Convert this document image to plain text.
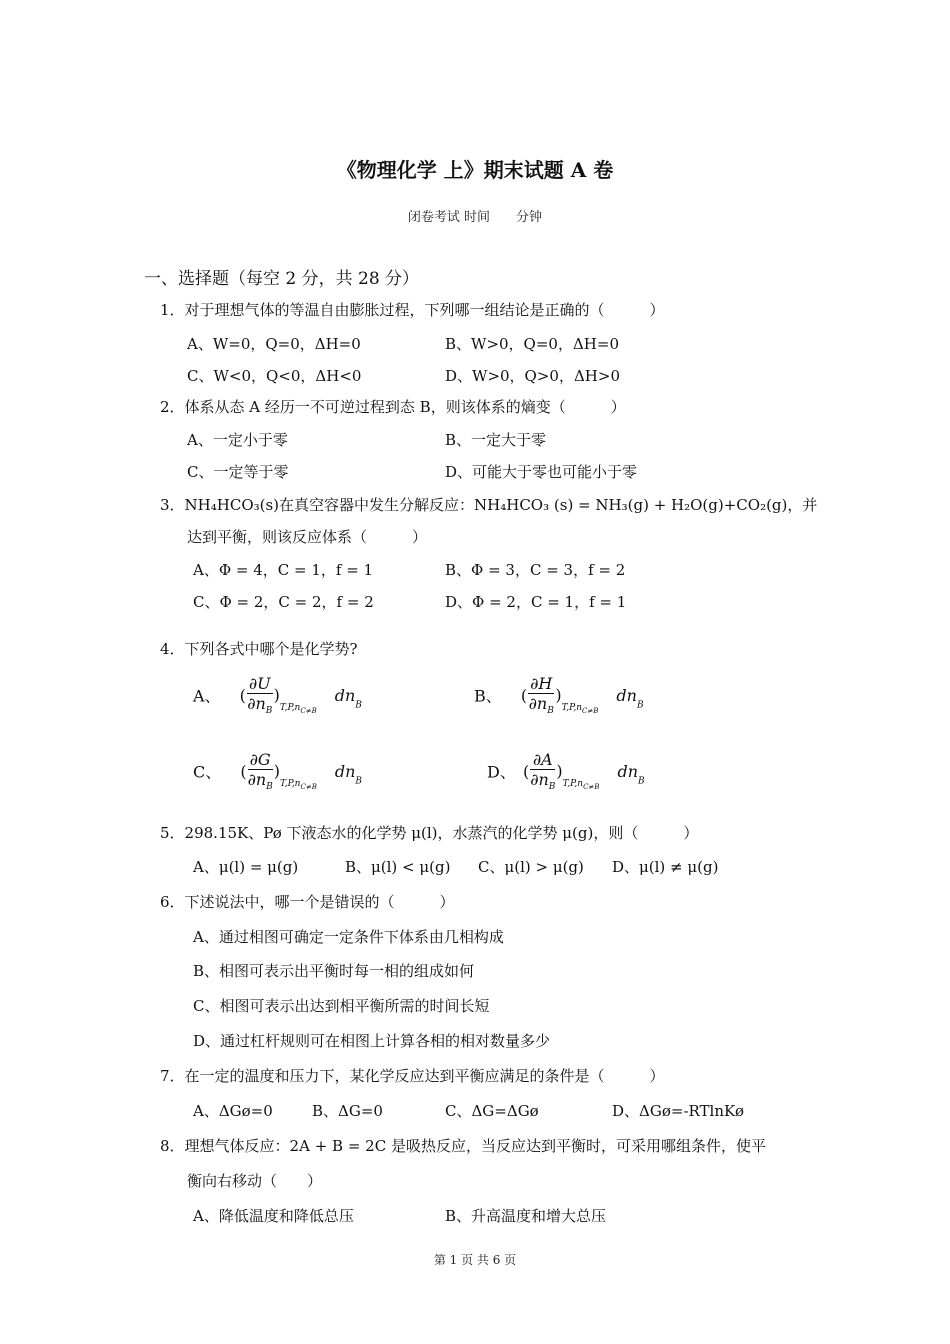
《物理化学 上》期末试题 A 卷
闭卷考试 时间　　分钟
一、选择题（每空 2 分，共 28 分）
1．对于理想气体的等温自由膨胀过程，下列哪一组结论是正确的（　　　）
A、W=0，Q=0，ΔH=0	B、W>0，Q=0，ΔH=0
C、W<0，Q<0，ΔH<0	D、W>0，Q>0，ΔH>0
2．体系从态 A 经历一不可逆过程到态 B，则该体系的熵变（　　　）
A、一定小于零	B、一定大于零
C、一定等于零	D、可能大于零也可能小于零
3．NH₄HCO₃(s)在真空容器中发生分解反应：NH₄HCO₃ (s) = NH₃(g) + H₂O(g)+CO₂(g)，并
达到平衡，则该反应体系（　　　）
A、Φ = 4，C = 1，f = 1	B、Φ = 3，C = 3，f = 2
C、Φ = 2，C = 2，f = 2	D、Φ = 2，C = 1，f = 1
4．下列各式中哪个是化学势?
A、 ( $\frac{\partial U}{\partial n_B} )_{T,P,n_{C\ne B}}dn_B$	B、 ( $\frac{\partial H}{\partial n_B} )_{T,P,n_{C\ne B}}dn_B$
C、 ( $\frac{\partial G}{\partial n_B} )_{T,P,n_{C\ne B}}dn_B$	D、 ( $\frac{\partial A}{\partial n_B} )_{T,P,n_{C\ne B}}dn_B$
5．298.15K、Pø 下液态水的化学势 μ(l)，水蒸汽的化学势 μ(g)，则（　　　）
A、μ(l) = μ(g)	B、μ(l) < μ(g) C、μ(l) > μ(g) D、μ(l) ≠ μ(g)
6．下述说法中，哪一个是错误的（　　　）
A、通过相图可确定一定条件下体系由几相构成
B、相图可表示出平衡时每一相的组成如何
C、相图可表示出达到相平衡所需的时间长短
D、通过杠杆规则可在相图上计算各相的相对数量多少
7．在一定的温度和压力下，某化学反应达到平衡应满足的条件是（　　　）
A、ΔGø=0	B、ΔG=0	C、ΔG=ΔGø	D、ΔGø=-RTlnKø
8．理想气体反应：2A + B = 2C 是吸热反应，当反应达到平衡时，可采用哪组条件，使平
衡向右移动（　　）
A、降低温度和降低总压	B、升高温度和增大总压
第 1 页 共 6 页
